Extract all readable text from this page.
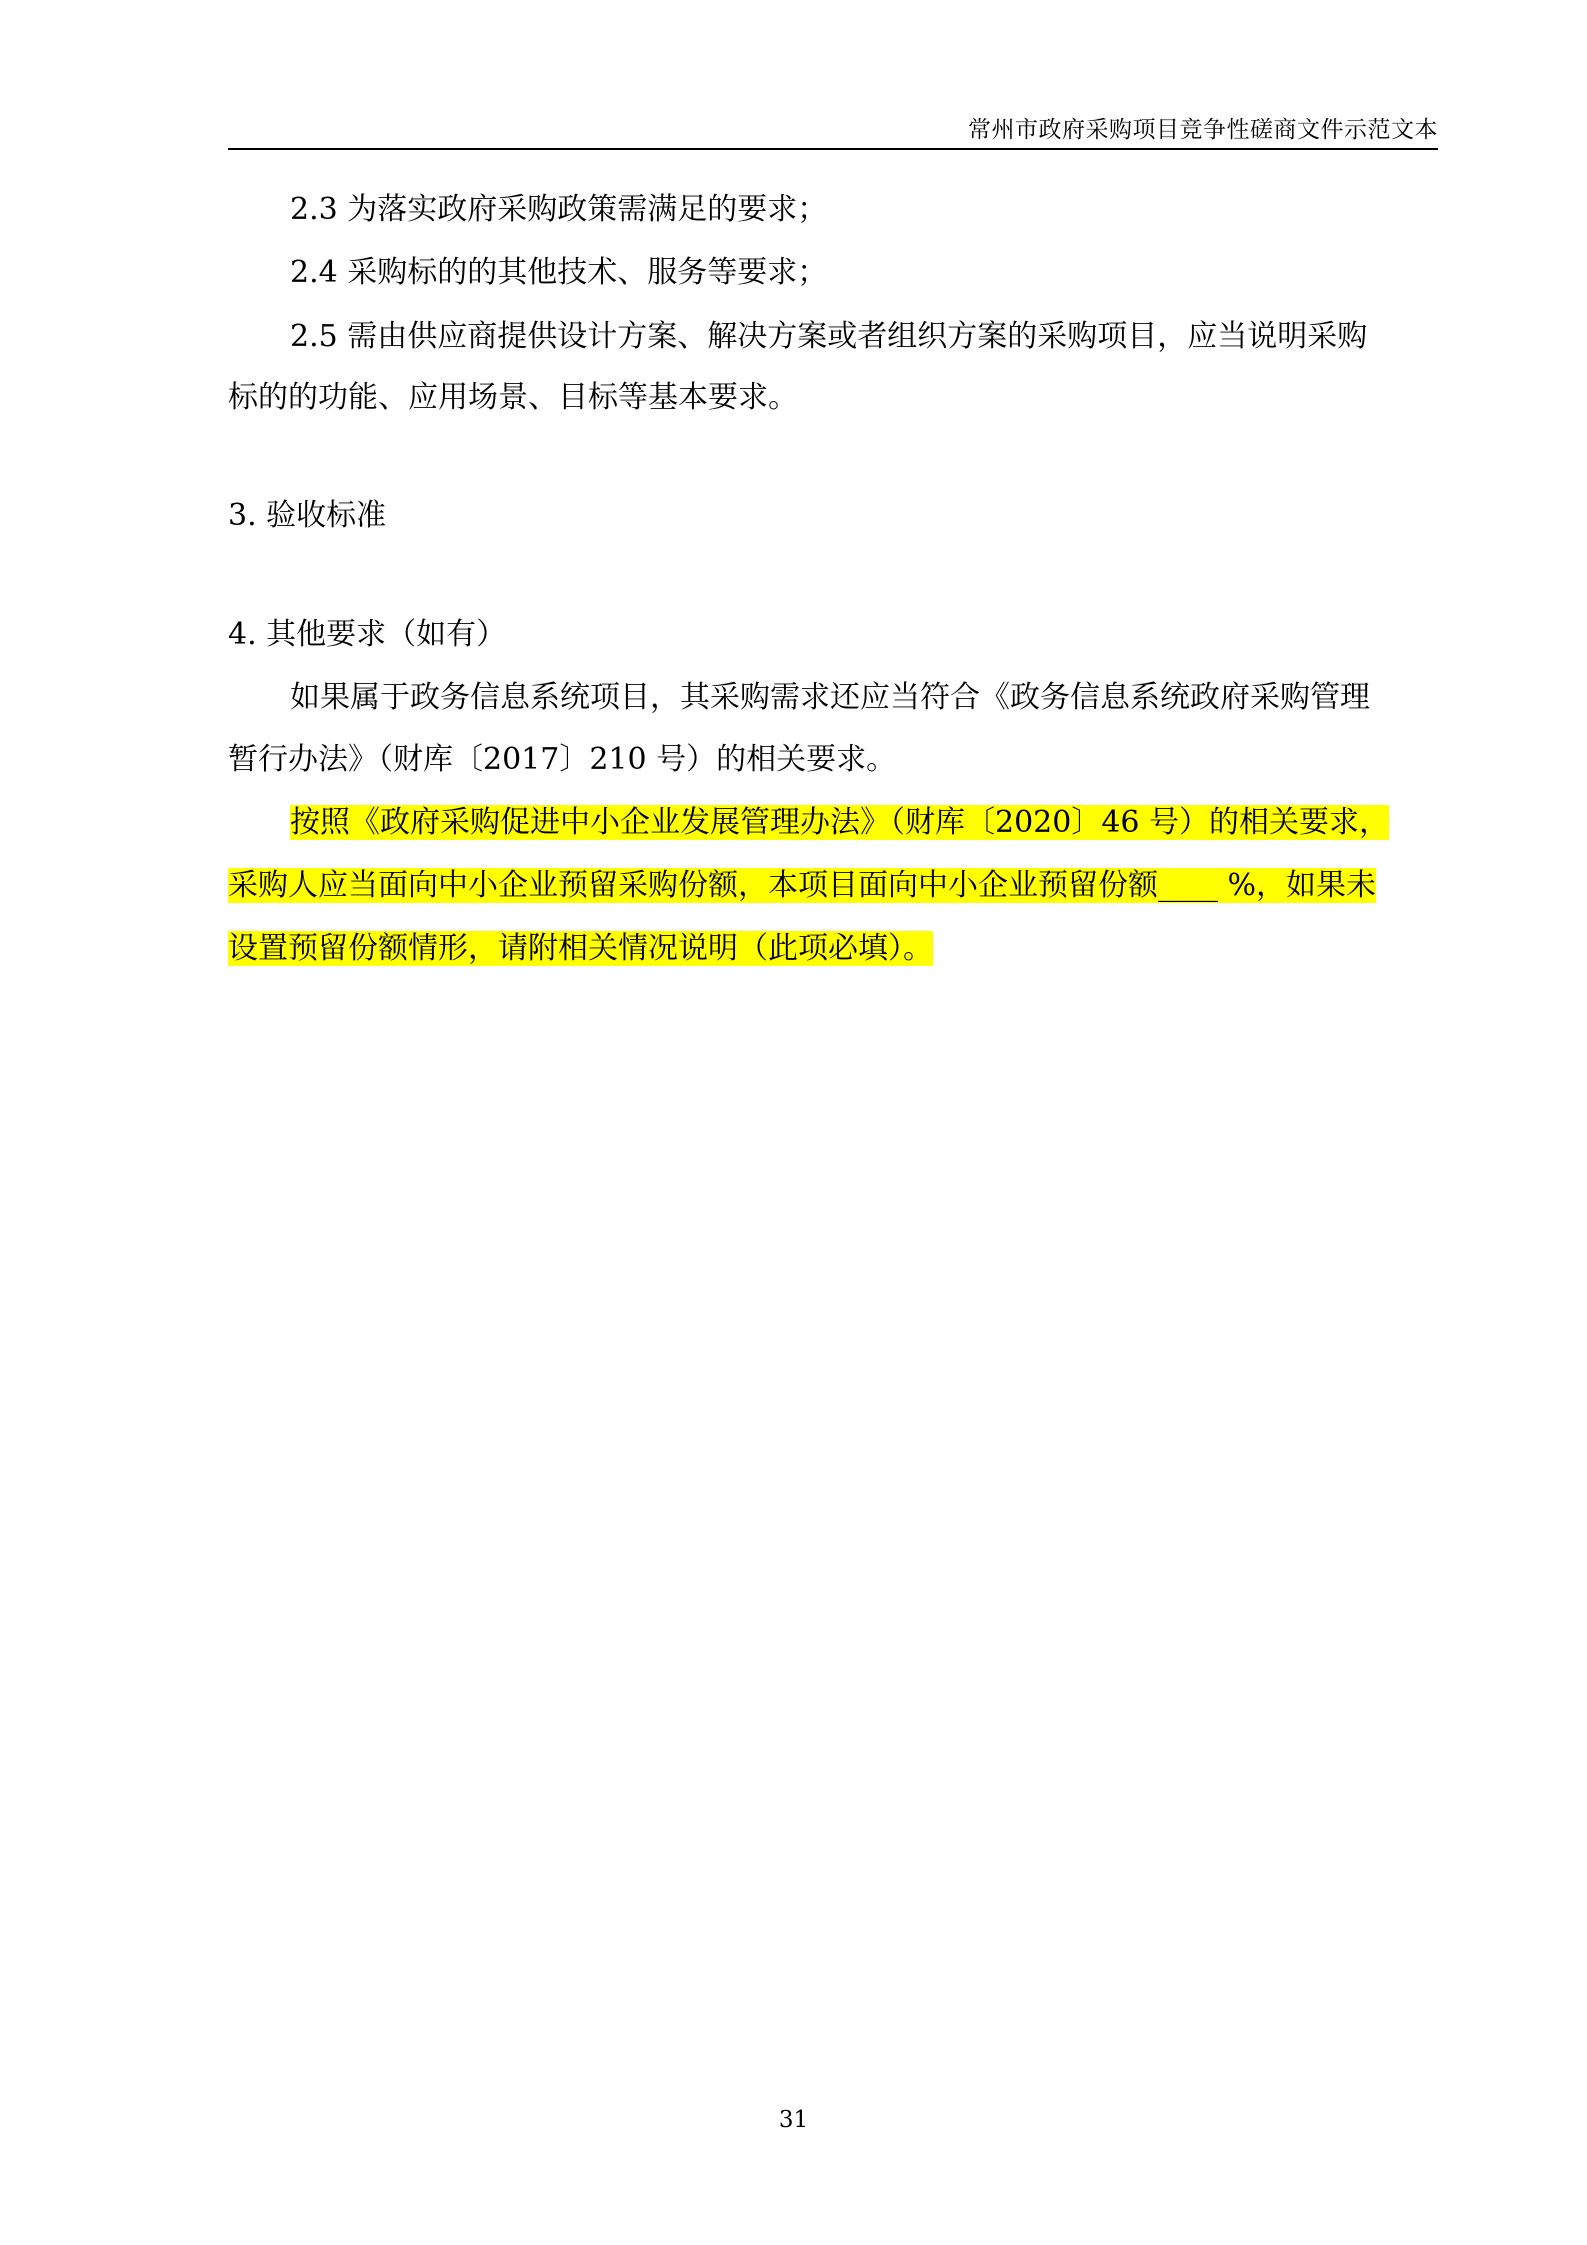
常州市政府采购项目竞争性磋商文件示范文本
2.3 为落实政府采购政策需满足的要求；
2.4 采购标的的其他技术、服务等要求；
2.5 需由供应商提供设计方案、解决方案或者组织方案的采购项目，应当说明采购
标的的功能、应用场景、目标等基本要求。
3. 验收标准
4. 其他要求（如有）
如果属于政务信息系统项目，其采购需求还应当符合《政务信息系统政府采购管理
暂行办法》（财库〔2017〕210 号）的相关要求。
按照《政府采购促进中小企业发展管理办法》（财库〔2020〕46 号）的相关要求，
采购人应当面向中小企业预留采购份额，本项目面向中小企业预留份额____ %，如果未
设置预留份额情形，请附相关情况说明（此项必填）。
31
